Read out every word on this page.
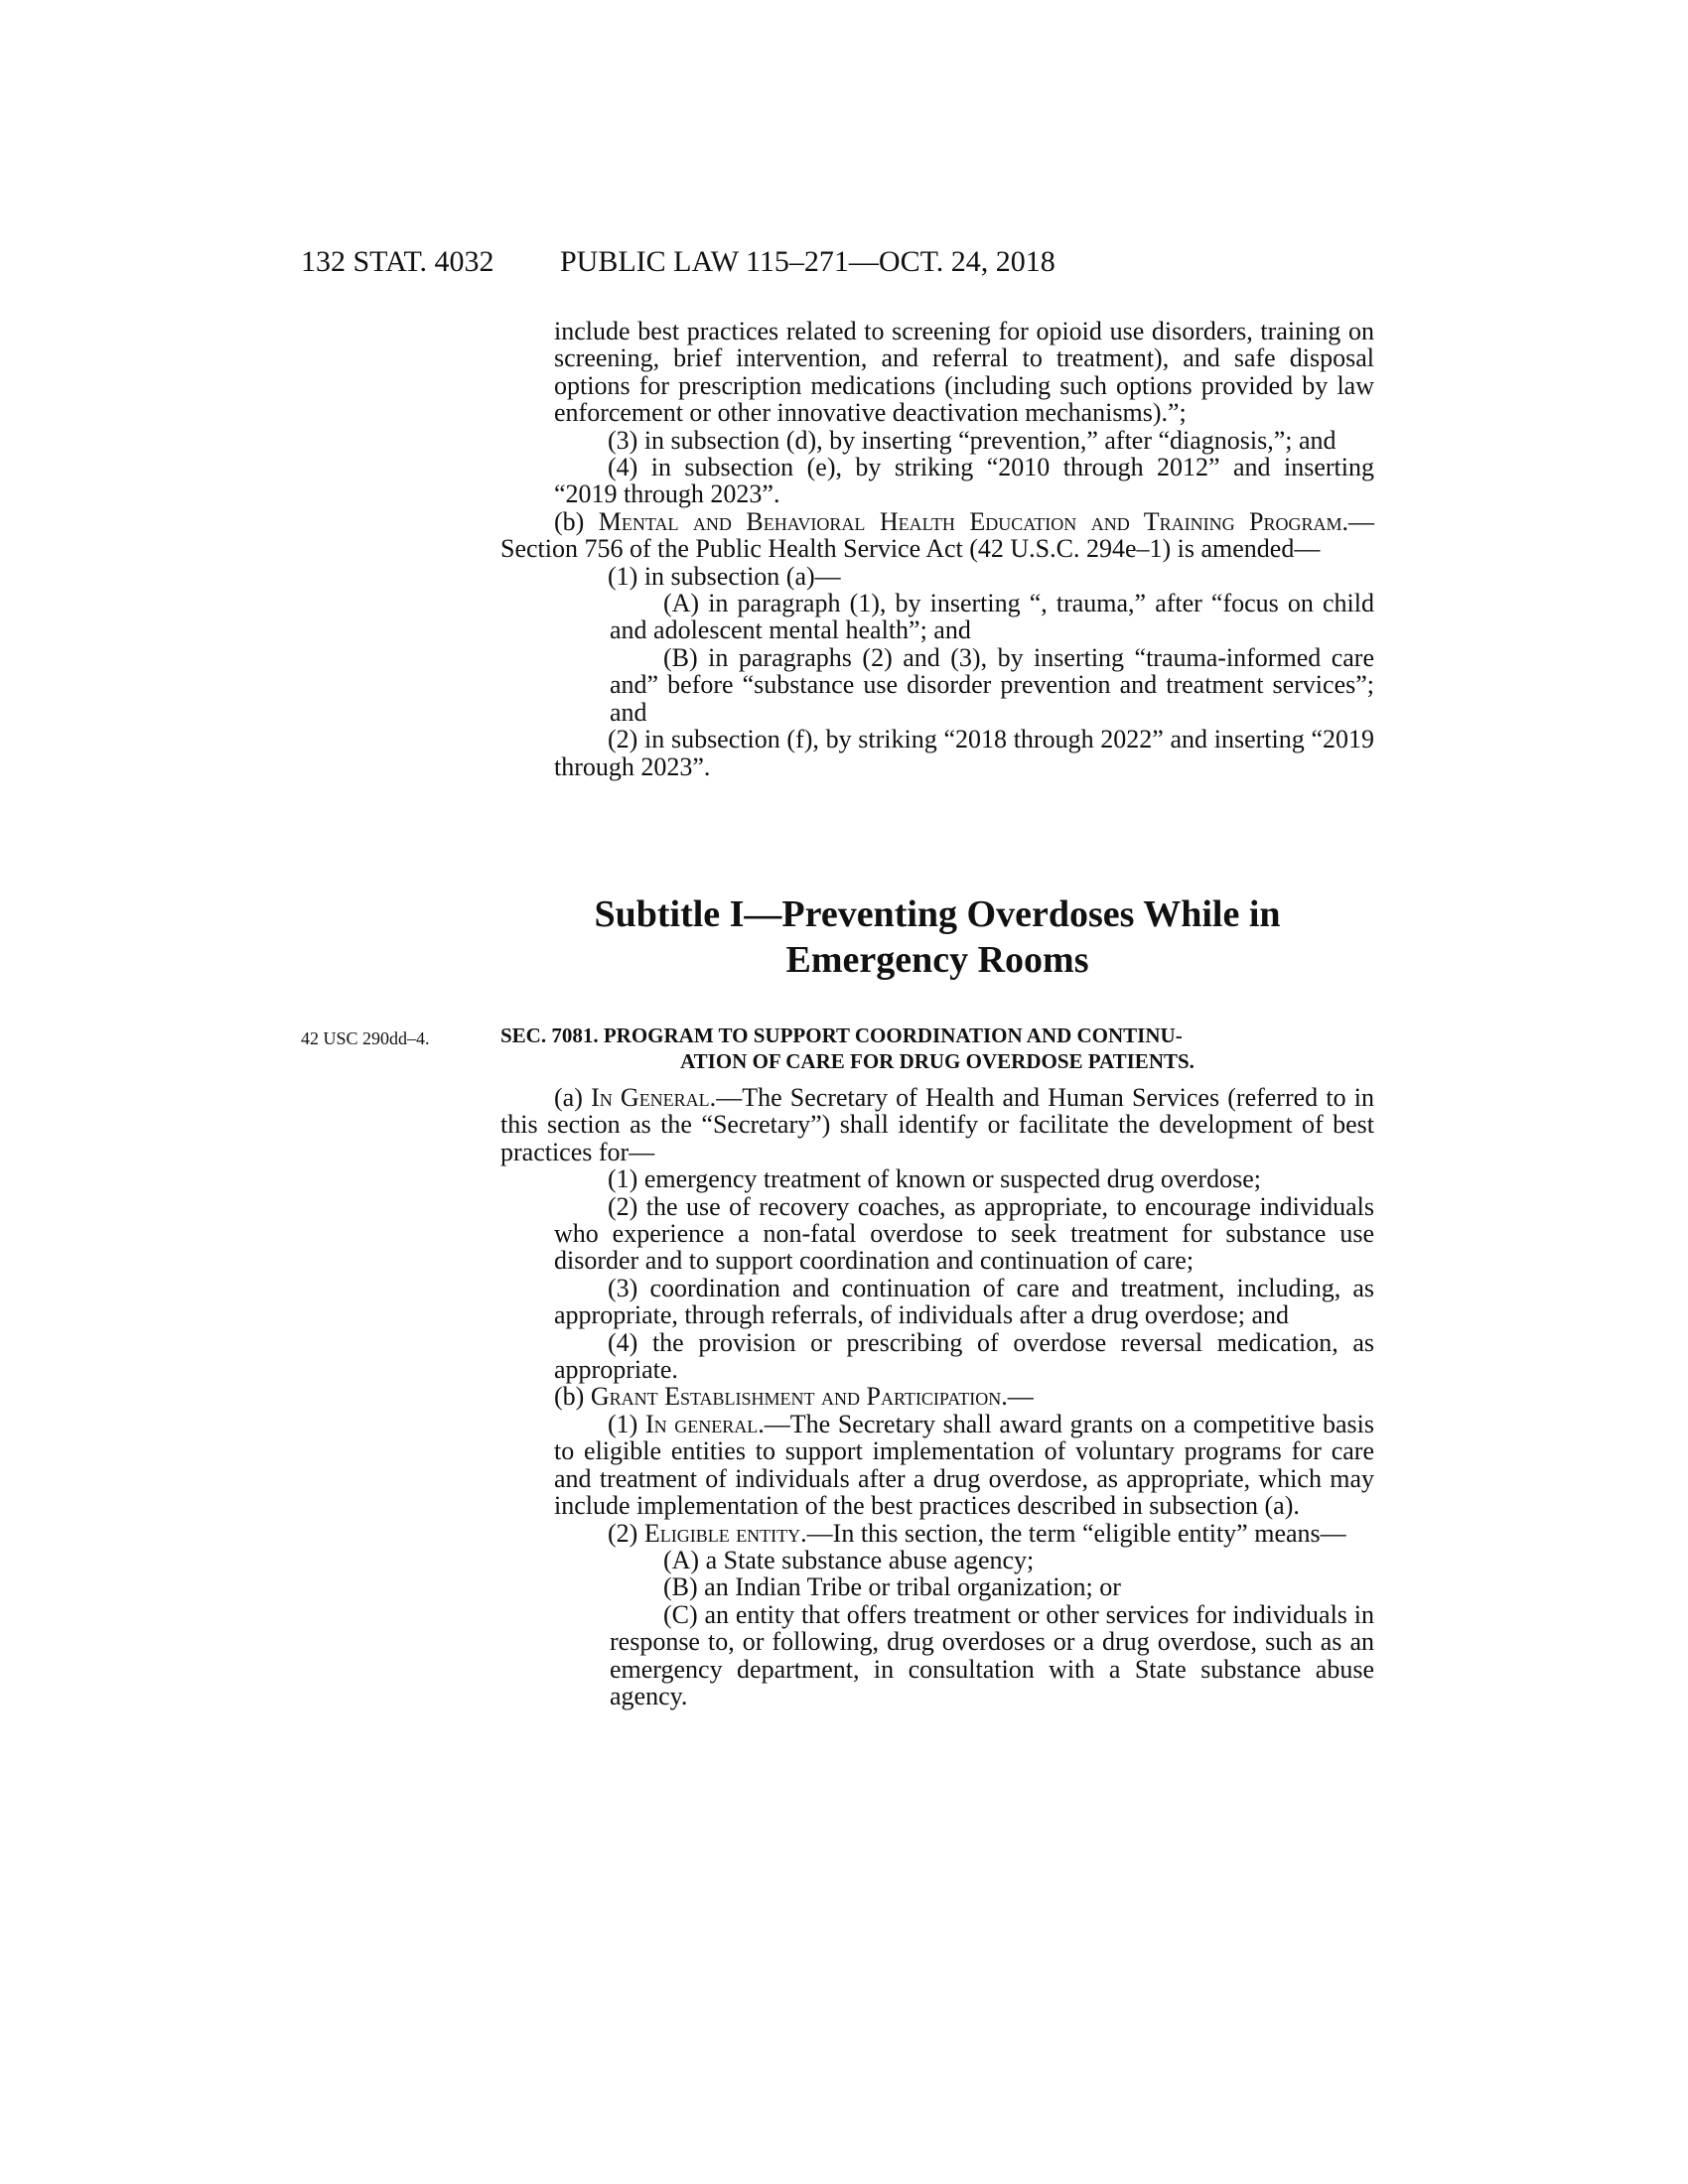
132 STAT. 4032 PUBLIC LAW 115–271—OCT. 24, 2018

include best practices related to screening for opioid use disorders, training on screening, brief intervention, and referral to treatment), and safe disposal options for prescription medications (including such options provided by law enforcement or other innovative deactivation mechanisms).”;

(3) in subsection (d), by inserting “prevention,” after “diagnosis,”; and

(4) in subsection (e), by striking “2010 through 2012” and inserting “2019 through 2023”.

(b) Mental and Behavioral Health Education and Training Program.—Section 756 of the Public Health Service Act (42 U.S.C. 294e–1) is amended—

(1) in subsection (a)—

(A) in paragraph (1), by inserting “, trauma,” after “focus on child and adolescent mental health”; and

(B) in paragraphs (2) and (3), by inserting “trauma-informed care and” before “substance use disorder prevention and treatment services”; and

(2) in subsection (f), by striking “2018 through 2022” and inserting “2019 through 2023”.

Subtitle I—Preventing Overdoses While in Emergency Rooms
42 USC 290dd–4.	SEC. 7081. PROGRAM TO SUPPORT COORDINATION AND CONTINU-
ATION OF CARE FOR DRUG OVERDOSE PATIENTS.

(a) In General.—The Secretary of Health and Human Services (referred to in this section as the “Secretary”) shall identify or facilitate the development of best practices for—

(1) emergency treatment of known or suspected drug overdose;

(2) the use of recovery coaches, as appropriate, to encourage individuals who experience a non-fatal overdose to seek treatment for substance use disorder and to support coordination and continuation of care;

(3) coordination and continuation of care and treatment, including, as appropriate, through referrals, of individuals after a drug overdose; and

(4) the provision or prescribing of overdose reversal medication, as appropriate.

(b) Grant Establishment and Participation.—

(1) In general.—The Secretary shall award grants on a competitive basis to eligible entities to support implementation of voluntary programs for care and treatment of individuals after a drug overdose, as appropriate, which may include implementation of the best practices described in subsection (a).

(2) Eligible entity.—In this section, the term “eligible entity” means—

(A) a State substance abuse agency;

(B) an Indian Tribe or tribal organization; or

(C) an entity that offers treatment or other services for individuals in response to, or following, drug overdoses or a drug overdose, such as an emergency department, in consultation with a State substance abuse agency.
